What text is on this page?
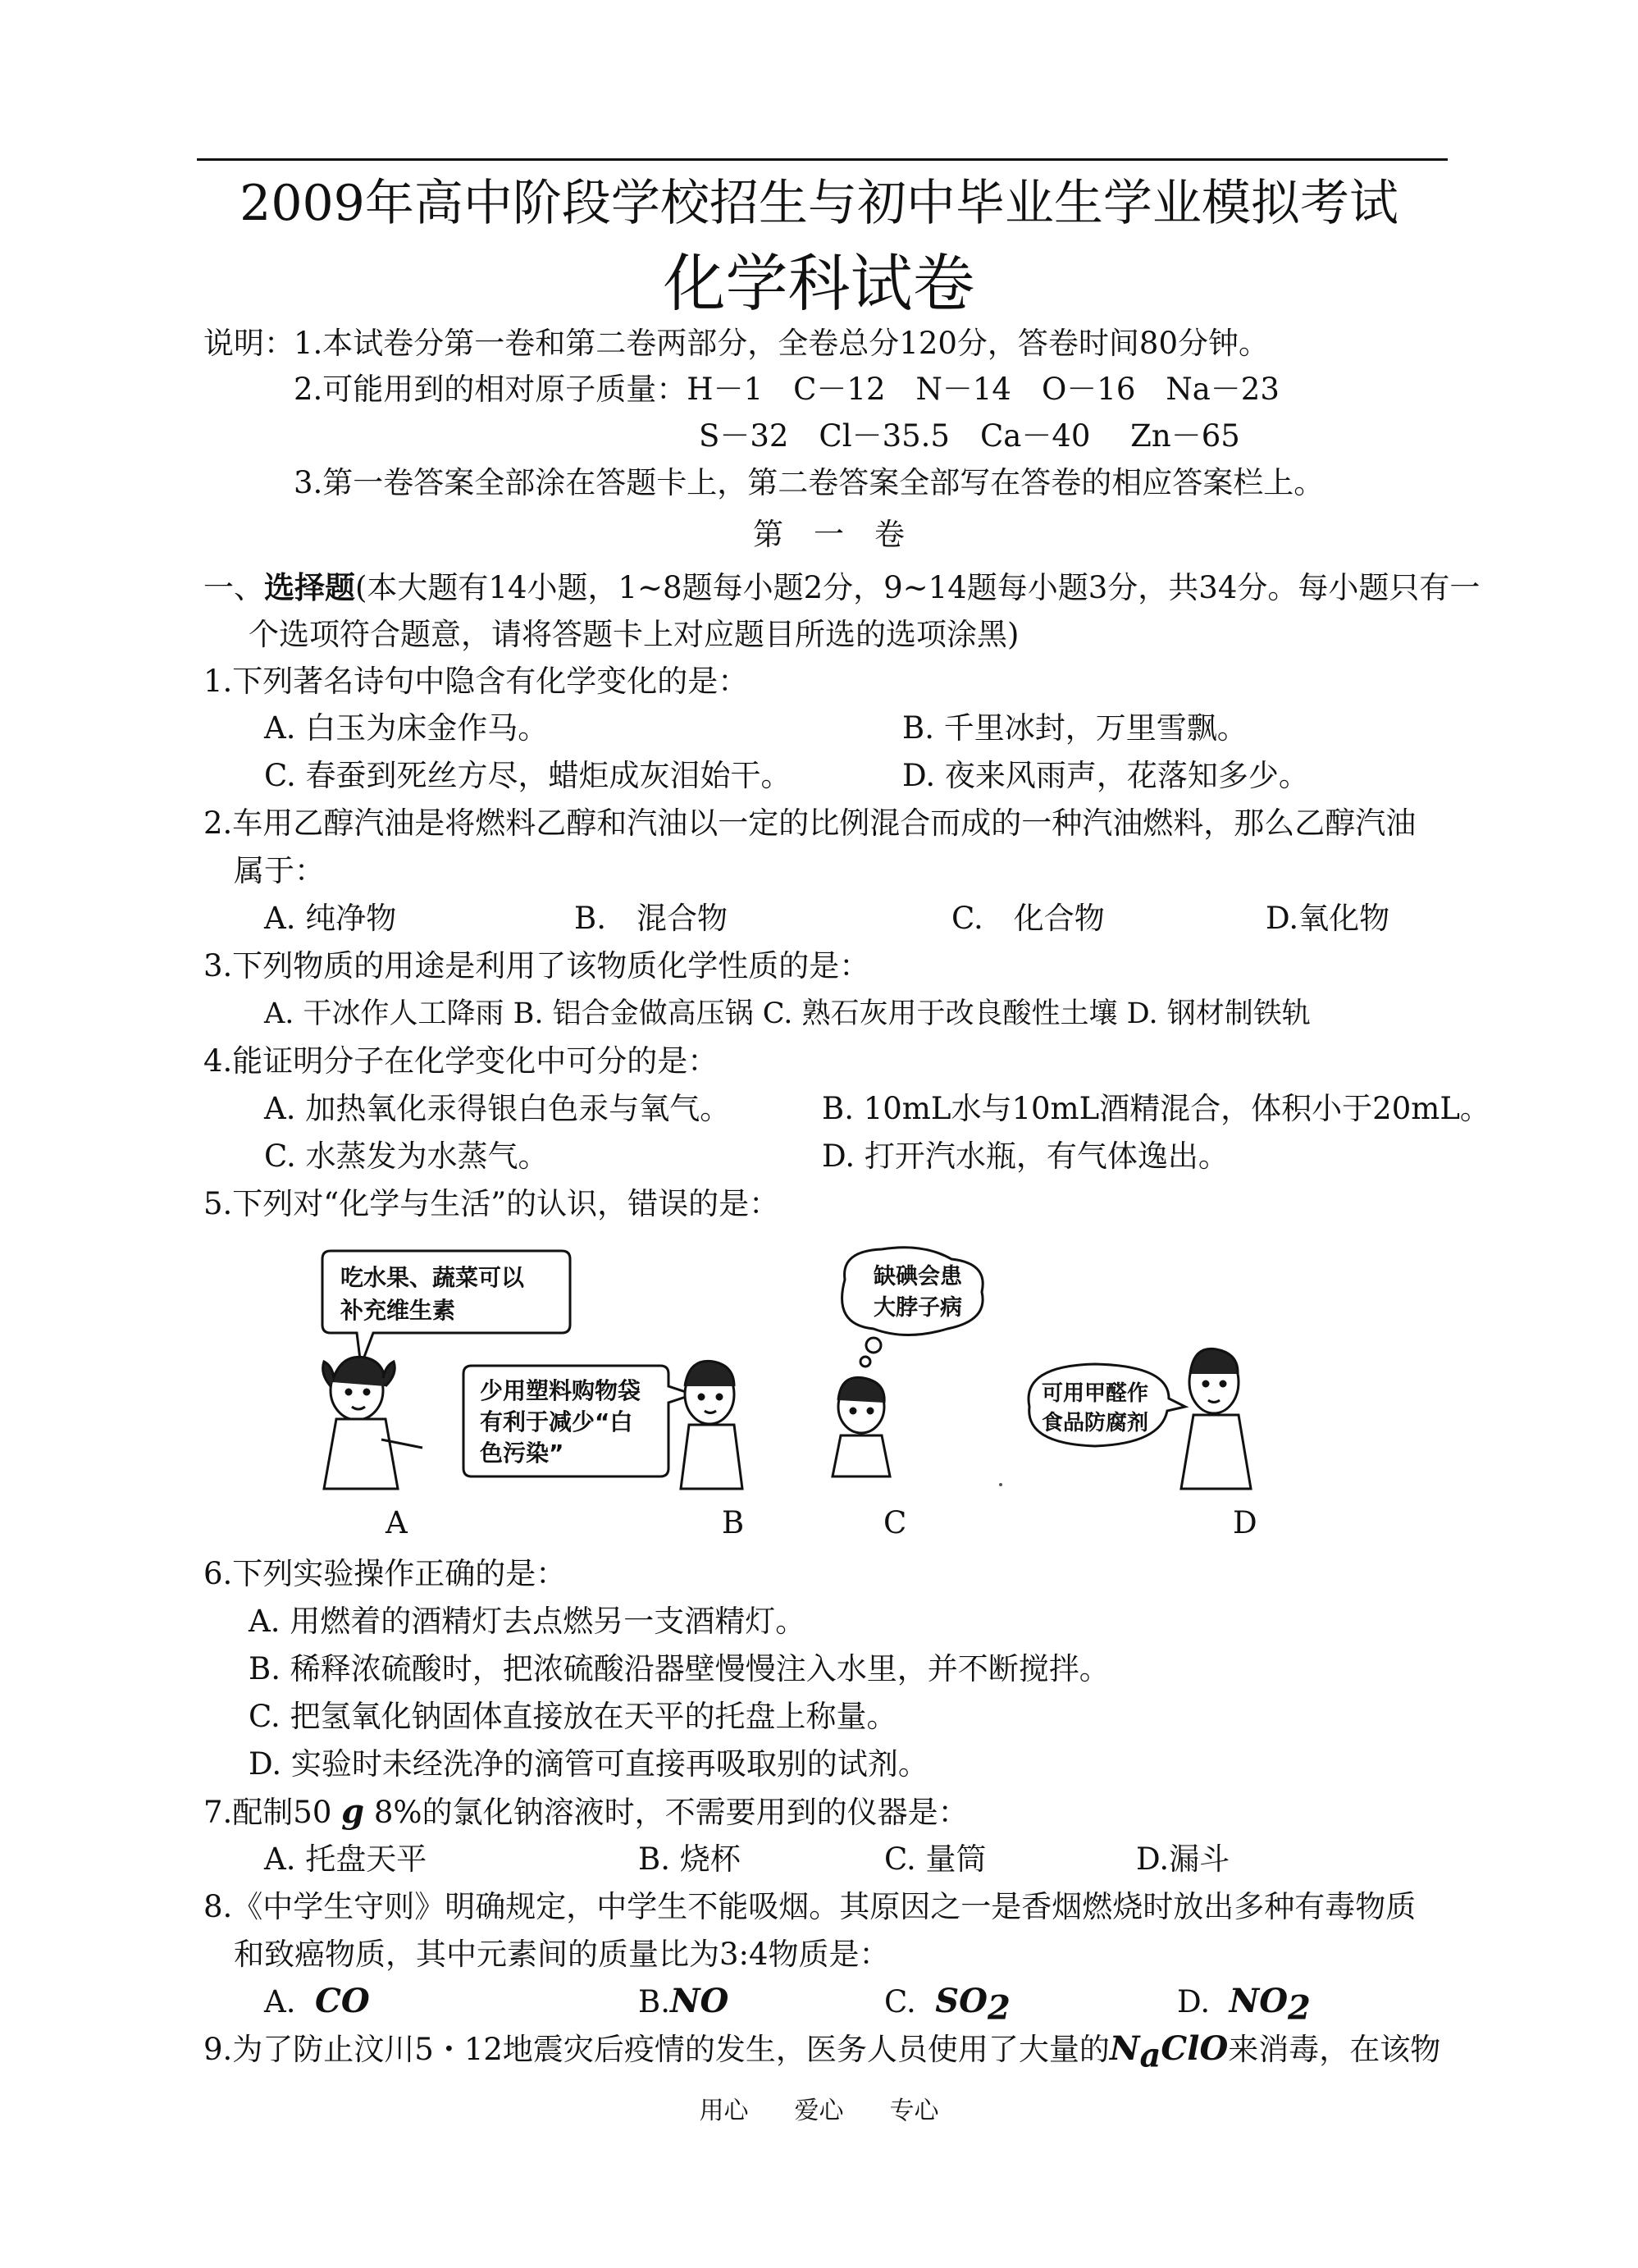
2009年高中阶段学校招生与初中毕业生学业模拟考试
化学科试卷
说明： 1.本试卷分第一卷和第二卷两部分，全卷总分120分，答卷时间80分钟。
2.可能用到的相对原子质量：H－1　C－12　N－14　O－16　Na－23
S－32　Cl－35.5　Ca－40　 Zn－65
3.第一卷答案全部涂在答题卡上，第二卷答案全部写在答卷的相应答案栏上。
第　一　卷
一、选择题(本大题有14小题，1~8题每小题2分，9~14题每小题3分，共34分。每小题只有一
个选项符合题意，请将答题卡上对应题目所选的选项涂黑)
1.下列著名诗句中隐含有化学变化的是：
A. 白玉为床金作马。	B. 千里冰封，万里雪飘。
C. 春蚕到死丝方尽，蜡炬成灰泪始干。	D. 夜来风雨声，花落知多少。
2.车用乙醇汽油是将燃料乙醇和汽油以一定的比例混合而成的一种汽油燃料，那么乙醇汽油
属于：
A. 纯净物	B.　混合物	C.　化合物	D.氧化物
3.下列物质的用途是利用了该物质化学性质的是：
A. 干冰作人工降雨 B. 铝合金做高压锅 C. 熟石灰用于改良酸性土壤 D. 钢材制铁轨
4.能证明分子在化学变化中可分的是：
A. 加热氧化汞得银白色汞与氧气。	B. 10mL水与10mL酒精混合，体积小于20mL。
C. 水蒸发为水蒸气。	D. 打开汽水瓶，有气体逸出。
5.下列对“化学与生活”的认识，错误的是：
吃水果、蔬菜可以
补充维生素
少用塑料购物袋
有利于减少“白
色污染”
缺碘会患
大脖子病
可用甲醛作
食品防腐剂
A	B	C	D
6.下列实验操作正确的是：
A. 用燃着的酒精灯去点燃另一支酒精灯。
B. 稀释浓硫酸时，把浓硫酸沿器壁慢慢注入水里，并不断搅拌。
C. 把氢氧化钠固体直接放在天平的托盘上称量。
D. 实验时未经洗净的滴管可直接再吸取别的试剂。
7.配制50 g 8%的氯化钠溶液时，不需要用到的仪器是：
A. 托盘天平	B. 烧杯	C. 量筒	D.漏斗
8.《中学生守则》明确规定，中学生不能吸烟。其原因之一是香烟燃烧时放出多种有毒物质
和致癌物质，其中元素间的质量比为3:4物质是：
A. CO	B.NO	C. $SO_2$	D. $NO_2$
9.为了防止汶川5・12地震灾后疫情的发生，医务人员使用了大量的$N_aClO$来消毒，在该物
用心 爱心 专心
